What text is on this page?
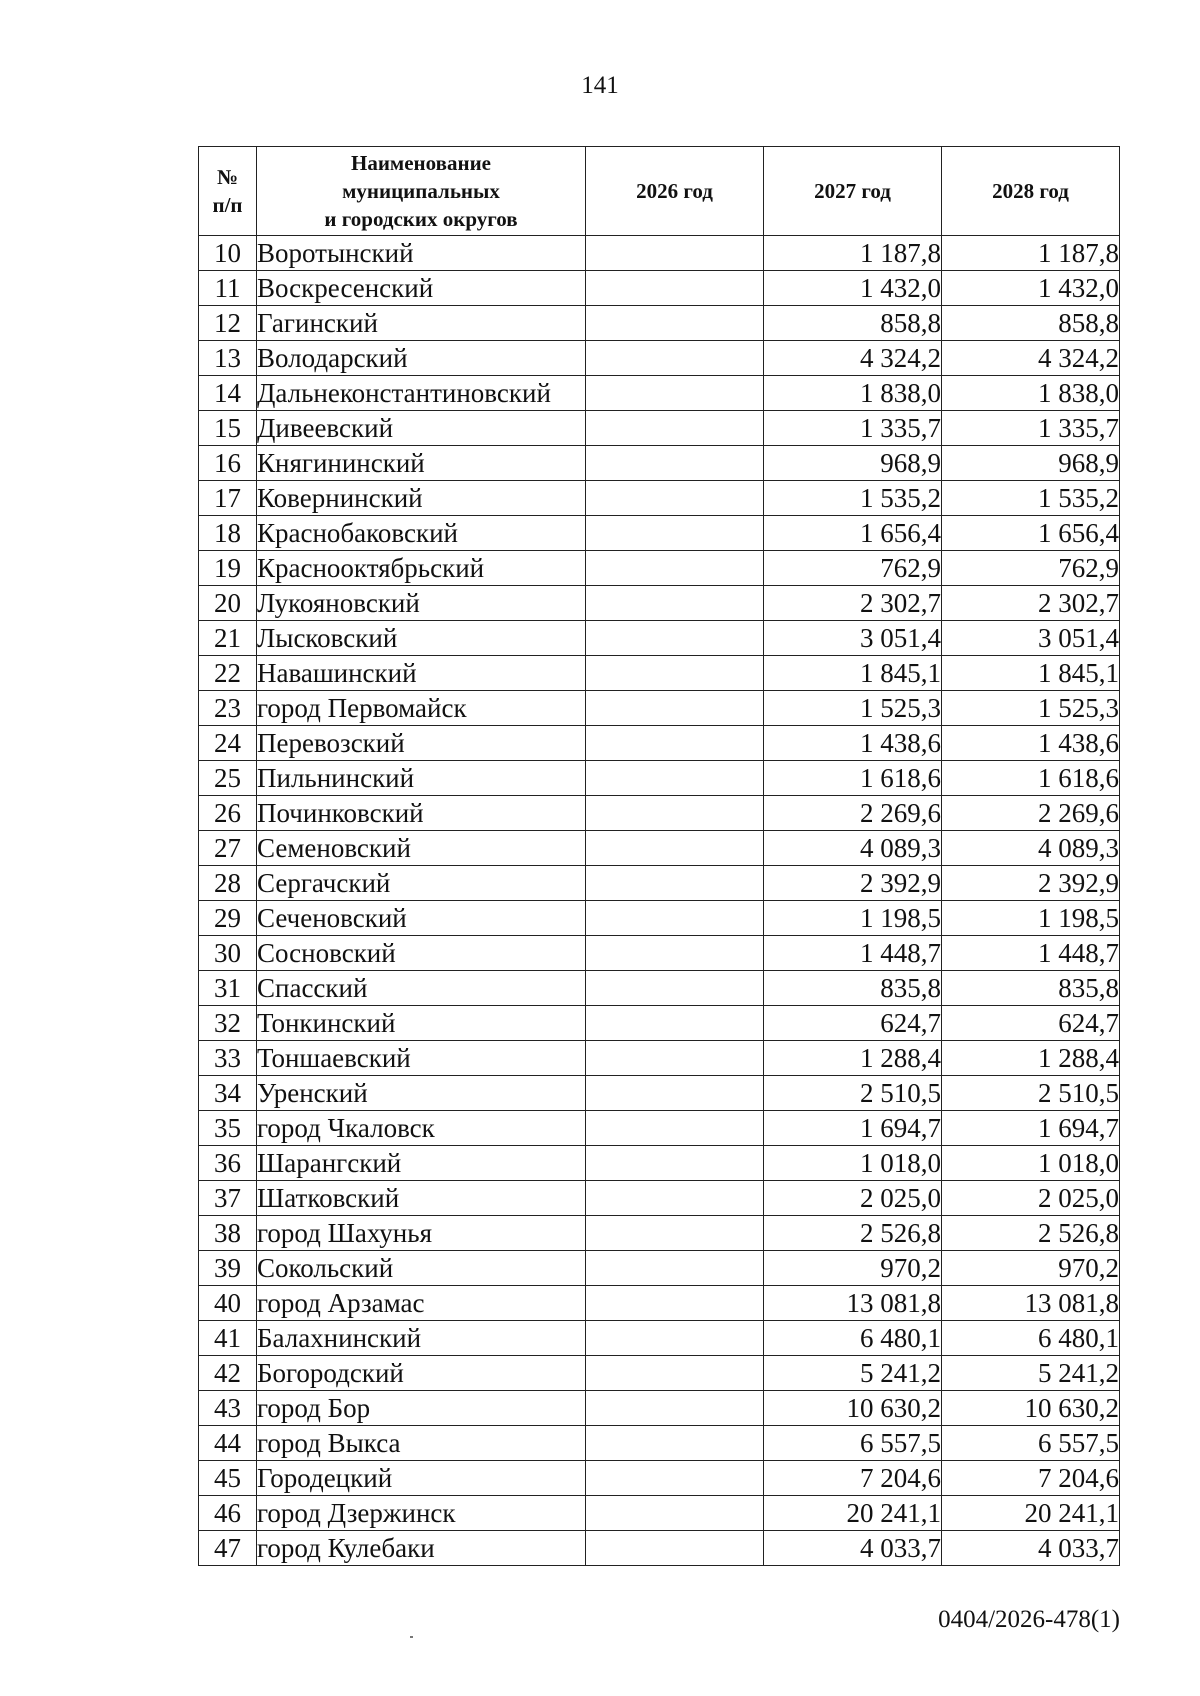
141
№
п/п	Наименование
муниципальных
и городских округов	2026 год	2027 год	2028 год
10	Воротынский		1 187,8	1 187,8
11	Воскресенский		1 432,0	1 432,0
12	Гагинский		858,8	858,8
13	Володарский		4 324,2	4 324,2
14	Дальнеконстантиновский		1 838,0	1 838,0
15	Дивеевский		1 335,7	1 335,7
16	Княгининский		968,9	968,9
17	Ковернинский		1 535,2	1 535,2
18	Краснобаковский		1 656,4	1 656,4
19	Краснооктябрьский		762,9	762,9
20	Лукояновский		2 302,7	2 302,7
21	Лысковский		3 051,4	3 051,4
22	Навашинский		1 845,1	1 845,1
23	город Первомайск		1 525,3	1 525,3
24	Перевозский		1 438,6	1 438,6
25	Пильнинский		1 618,6	1 618,6
26	Починковский		2 269,6	2 269,6
27	Семеновский		4 089,3	4 089,3
28	Сергачский		2 392,9	2 392,9
29	Сеченовский		1 198,5	1 198,5
30	Сосновский		1 448,7	1 448,7
31	Спасский		835,8	835,8
32	Тонкинский		624,7	624,7
33	Тоншаевский		1 288,4	1 288,4
34	Уренский		2 510,5	2 510,5
35	город Чкаловск		1 694,7	1 694,7
36	Шарангский		1 018,0	1 018,0
37	Шатковский		2 025,0	2 025,0
38	город Шахунья		2 526,8	2 526,8
39	Сокольский		970,2	970,2
40	город Арзамас		13 081,8	13 081,8
41	Балахнинский		6 480,1	6 480,1
42	Богородский		5 241,2	5 241,2
43	город Бор		10 630,2	10 630,2
44	город Выкса		6 557,5	6 557,5
45	Городецкий		7 204,6	7 204,6
46	город Дзержинск		20 241,1	20 241,1
47	город Кулебаки		4 033,7	4 033,7
0404/2026-478(1)
